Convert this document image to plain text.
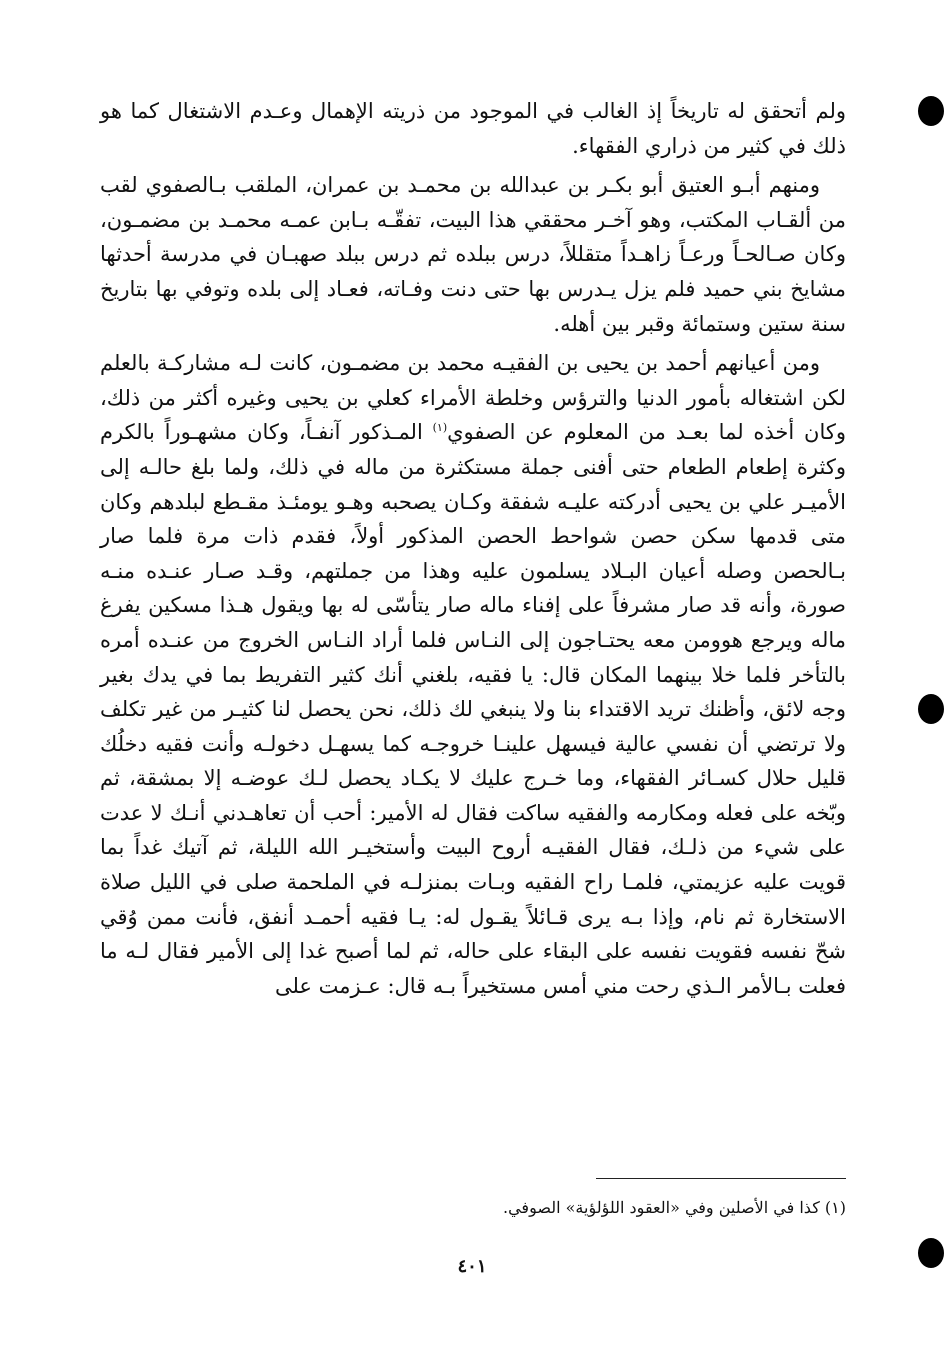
ولم أتحقق له تاريخاً إذ الغالب في الموجود من ذريته الإهمال وعـدم الاشتغال كما هو ذلك في كثير من ذراري الفقهاء.

ومنهم أبـو العتيق أبو بكـر بن عبدالله بن محمـد بن عمران، الملقب بـالصفوي لقب من ألقـاب المكتب، وهو آخـر محققي هذا البيت، تفقّـه بـابن عمـه محمـد بن مضمـون، وكان صـالحـاً ورعـاً زاهـداً متقللاً، درس ببلده ثم درس ببلد صهبـان في مدرسة أحدثها مشايخ بني حميد فلم يزل يـدرس بها حتى دنت وفـاته، فعـاد إلى بلده وتوفي بها بتاريخ سنة ستين وستمائة وقبر بين أهله.

ومن أعيانهم أحمد بن يحيى بن الفقيـه محمد بن مضمـون، كانت لـه مشاركـة بالعلم لكن اشتغاله بأمور الدنيا والترؤس وخلطة الأمراء كعلي بن يحيى وغيره أكثر من ذلك، وكان أخذه لما بعـد من المعلوم عن الصفوي$^{(١)}$ المـذكور آنفـاً، وكان مشهـوراً بالكرم وكثرة إطعام الطعام حتى أفنى جملة مستكثرة من ماله في ذلك، ولما بلغ حالـه إلى الأميـر علي بن يحيى أدركته عليـه شفقة وكـان يصحبه وهـو يومئـذ مقـطع لبلدهم وكان متى قدمها سكن حصن شواحط الحصن المذكور أولاً، فقدم ذات مرة فلما صار بـالحصن وصله أعيان البـلاد يسلمون عليه وهذا من جملتهم، وقـد صـار عنـده منـه صورة، وأنه قد صار مشرفاً على إفناء ماله صار يتأسّى له بها ويقول هـذا مسكين يفرغ ماله ويرجع هوومن معه يحتـاجون إلى النـاس فلما أراد النـاس الخروج من عنـده أمره بالتأخر فلما خلا بينهما المكان قال: يا فقيه، بلغني أنك كثير التفريط بما في يدك بغير وجه لائق، وأظنك تريد الاقتداء بنا ولا ينبغي لك ذلك، نحن يحصل لنا كثيـر من غير تكلف ولا ترتضي أن نفسي عالية فيسهل علينـا خروجـه كما يسهـل دخولـه وأنت فقيه دخلُك قليل حلال كسـائر الفقهاء، وما خـرج عليك لا يكـاد يحصل لـك عوضـه إلا بمشقة، ثم وبّخه على فعله ومكارمه والفقيه ساكت فقال له الأمير: أحب أن تعاهـدني أنـك لا عدت على شيء من ذلـك، فقال الفقيـه أروح البيت وأستخيـر الله الليلة، ثم آتيك غداً بما قويت عليه عزيمتي، فلمـا راح الفقيه وبـات بمنزلـه في الملحمة صلى في الليل صلاة الاستخارة ثم نام، وإذا بـه يرى قـائلاً يقـول له: يـا فقيه أحمـد أنفق، فأنت ممن وُقي شحّ نفسه فقويت نفسه على البقاء على حاله، ثم لما أصبح غدا إلى الأمير فقال لـه ما فعلت بـالأمر الـذي رحت مني أمس مستخيراً بـه قال: عـزمت على

(١) كذا في الأصلين وفي «العقود اللؤلؤية» الصوفي.
٤٠١
